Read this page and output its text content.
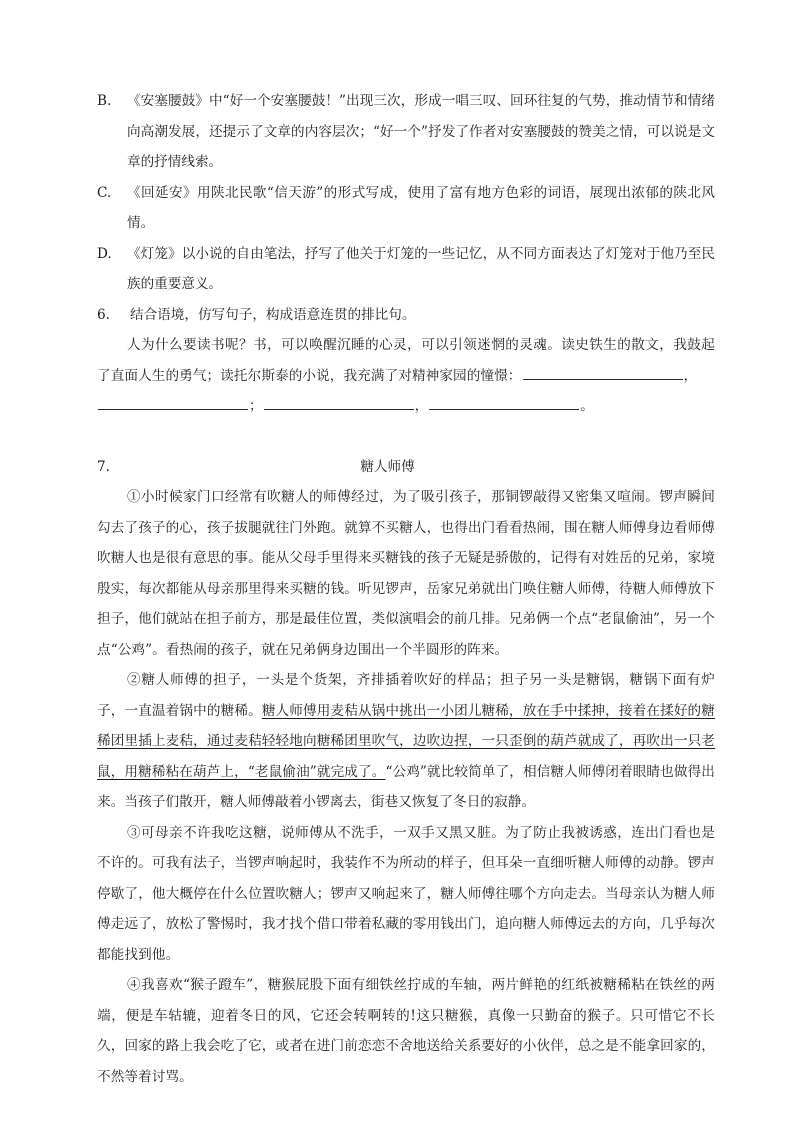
B.	《安塞腰鼓》中“好一个安塞腰鼓！”出现三次，形成一唱三叹、回环往复的气势，推动情节和情绪向高潮发展，还提示了文章的内容层次；“好一个”抒发了作者对安塞腰鼓的赞美之情，可以说是文章的抒情线索。
C.	《回延安》用陕北民歌“信天游”的形式写成，使用了富有地方色彩的词语，展现出浓郁的陕北风情。
D.	《灯笼》以小说的自由笔法，抒写了他关于灯笼的一些记忆，从不同方面表达了灯笼对于他乃至民族的重要意义。
6.	结合语境，仿写句子，构成语意连贯的排比句。
人为什么要读书呢？书，可以唤醒沉睡的心灵，可以引领迷惘的灵魂。读史铁生的散文，我鼓起了直面人生的勇气；读托尔斯泰的小说，我充满了对精神家园的憧憬：	，
；	，	。
7.	糖人师傅
①小时候家门口经常有吹糖人的师傅经过，为了吸引孩子，那铜锣敲得又密集又喧闹。锣声瞬间勾去了孩子的心，孩子拔腿就往门外跑。就算不买糖人，也得出门看看热闹，围在糖人师傅身边看师傅吹糖人也是很有意思的事。能从父母手里得来买糖钱的孩子无疑是骄傲的，记得有对姓岳的兄弟，家境殷实，每次都能从母亲那里得来买糖的钱。听见锣声，岳家兄弟就出门唤住糖人师傅，待糖人师傅放下担子，他们就站在担子前方，那是最佳位置，类似演唱会的前几排。兄弟俩一个点“老鼠偷油”，另一个点“公鸡”。看热闹的孩子，就在兄弟俩身边围出一个半圆形的阵来。
②糖人师傅的担子，一头是个货架，齐排插着吹好的样品；担子另一头是糖锅，糖锅下面有炉子，一直温着锅中的糖稀。糖人师傅用麦秸从锅中挑出一小团儿糖稀，放在手中揉抻，接着在揉好的糖稀团里插上麦秸，通过麦秸轻轻地向糖稀团里吹气，边吹边捏，一只歪倒的葫芦就成了，再吹出一只老鼠，用糖稀粘在葫芦上，“老鼠偷油”就完成了。“公鸡”就比较简单了，相信糖人师傅闭着眼睛也做得出来。当孩子们散开，糖人师傅敲着小锣离去，街巷又恢复了冬日的寂静。
③可母亲不许我吃这糖，说师傅从不洗手，一双手又黑又脏。为了防止我被诱惑，连出门看也是不许的。可我有法子，当锣声响起时，我装作不为所动的样子，但耳朵一直细听糖人师傅的动静。锣声停歇了，他大概停在什么位置吹糖人；锣声又响起来了，糖人师傅往哪个方向走去。当母亲认为糖人师傅走远了，放松了警惕时，我才找个借口带着私藏的零用钱出门，追向糖人师傅远去的方向，几乎每次都能找到他。
④我喜欢“猴子蹬车”，糖猴屁股下面有细铁丝拧成的车轴，两片鲜艳的红纸被糖稀粘在铁丝的两端，便是车轱辘，迎着冬日的风，它还会转啊转的!这只糖猴，真像一只勤奋的猴子。只可惜它不长久，回家的路上我会吃了它，或者在进门前恋恋不舍地送给关系要好的小伙伴，总之是不能拿回家的，不然等着讨骂。
